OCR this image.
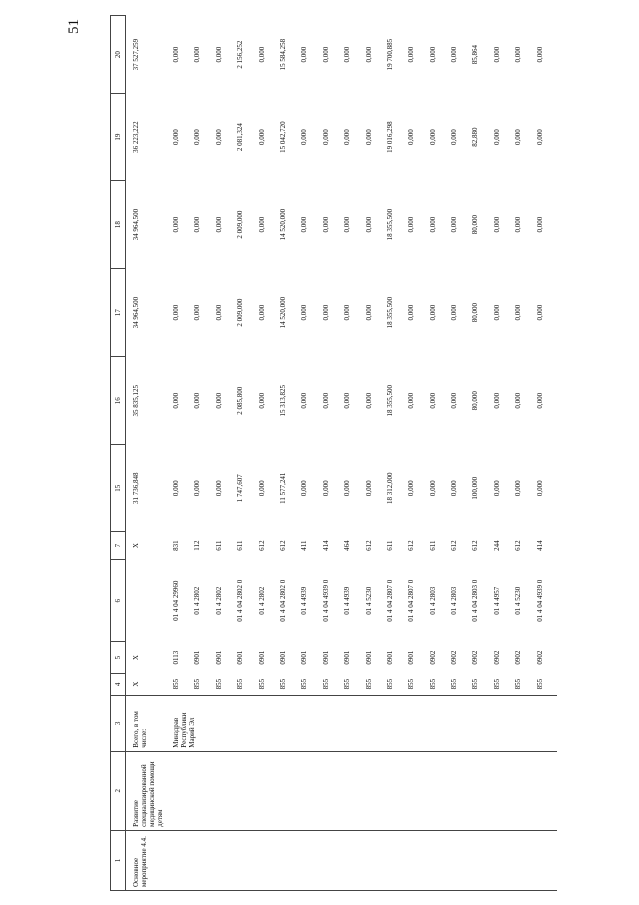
51
1	2	3	4	5	6	7	15	16	17	18	19	20
Основное мероприятие 4.4.	Развитие специализированной медицинской помощи детям	Всего, в том числе:	X	X		X	31 736,848	35 835,125	34 964,500	34 964,500	36 223,222	37 527,259
		Минздрав Республики Марий Эл	855	0113	01 4 04 29960	831	0,000	0,000	0,000	0,000	0,000	0,000
			855	0901	01 4 2802	112	0,000	0,000	0,000	0,000	0,000	0,000
			855	0901	01 4 2802	611	0,000	0,000	0,000	0,000	0,000	0,000
			855	0901	01 4 04 2802 0	611	1 747,607	2 085,800	2 009,000	2 009,000	2 081,324	2 156,252
			855	0901	01 4 2802	612	0,000	0,000	0,000	0,000	0,000	0,000
			855	0901	01 4 04 2802 0	612	11 577,241	15 313,825	14 520,000	14 520,000	15 042,720	15 584,258
			855	0901	01 4 4939	411	0,000	0,000	0,000	0,000	0,000	0,000
			855	0901	01 4 04 4939 0	414	0,000	0,000	0,000	0,000	0,000	0,000
			855	0901	01 4 4939	464	0,000	0,000	0,000	0,000	0,000	0,000
			855	0901	01 4 5230	612	0,000	0,000	0,000	0,000	0,000	0,000
			855	0901	01 4 04 2807 0	611	18 312,000	18 355,500	18 355,500	18 355,500	19 016,298	19 700,885
			855	0901	01 4 04 2807 0	612	0,000	0,000	0,000	0,000	0,000	0,000
			855	0902	01 4 2803	611	0,000	0,000	0,000	0,000	0,000	0,000
			855	0902	01 4 2803	612	0,000	0,000	0,000	0,000	0,000	0,000
			855	0902	01 4 04 2803 0	612	100,000	80,000	80,000	80,000	82,880	85,864
			855	0902	01 4 4957	244	0,000	0,000	0,000	0,000	0,000	0,000
			855	0902	01 4 5230	612	0,000	0,000	0,000	0,000	0,000	0,000
			855	0902	01 4 04 4939 0	414	0,000	0,000	0,000	0,000	0,000	0,000
